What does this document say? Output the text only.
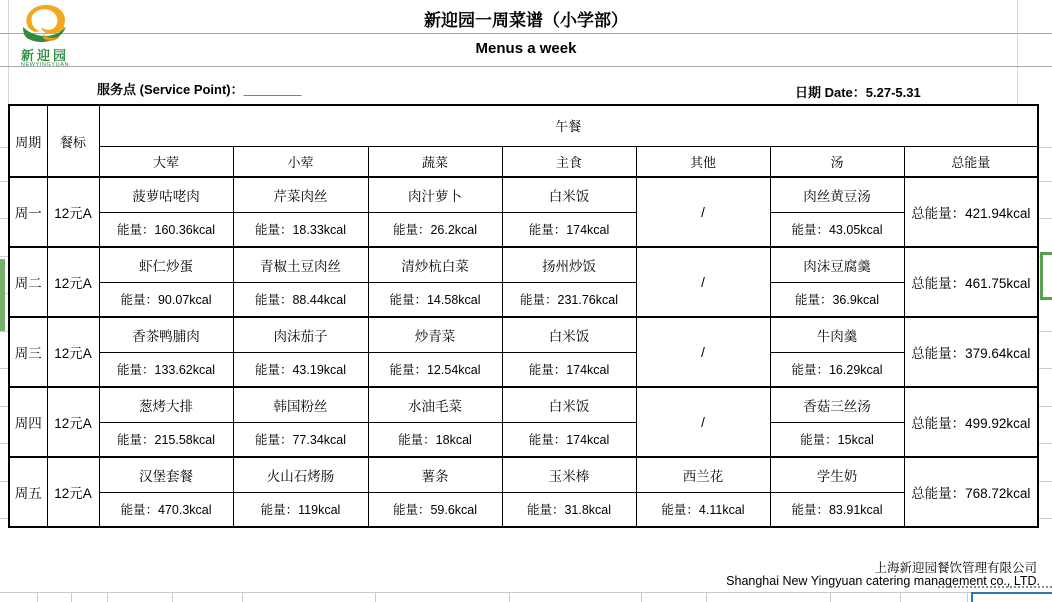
新迎园一周菜谱（小学部）
Menus a week
服务点 (Service Point)：________	日期 Date：5.27-5.31
新迎园
NEWYINGYUAN
周期	餐标	午餐						
		大荤	小荤	蔬菜	主食	其他	汤	总能量
周一	12元A	菠萝咕咾肉	芹菜肉丝	肉汁萝卜	白米饭	/	肉丝黄豆汤	总能量：421.94kcal
		能量：160.36kcal	能量：18.33kcal	能量：26.2kcal	能量：174kcal		能量：43.05kcal	
周二	12元A	虾仁炒蛋	青椒土豆肉丝	清炒杭白菜	扬州炒饭	/	肉沫豆腐羹	总能量：461.75kcal
		能量：90.07kcal	能量：88.44kcal	能量：14.58kcal	能量：231.76kcal		能量：36.9kcal	
周三	12元A	香茶鸭脯肉	肉沫茄子	炒青菜	白米饭	/	牛肉羹	总能量：379.64kcal
		能量：133.62kcal	能量：43.19kcal	能量：12.54kcal	能量：174kcal		能量：16.29kcal	
周四	12元A	葱烤大排	韩国粉丝	水油毛菜	白米饭	/	香菇三丝汤	总能量：499.92kcal
		能量：215.58kcal	能量：77.34kcal	能量：18kcal	能量：174kcal		能量：15kcal	
周五	12元A	汉堡套餐	火山石烤肠	薯条	玉米棒	西兰花	学生奶	总能量：768.72kcal
		能量：470.3kcal	能量：119kcal	能量：59.6kcal	能量：31.8kcal	能量：4.11kcal	能量：83.91kcal	
上海新迎园餐饮管理有限公司
Shanghai New Yingyuan catering management co., LTD.
